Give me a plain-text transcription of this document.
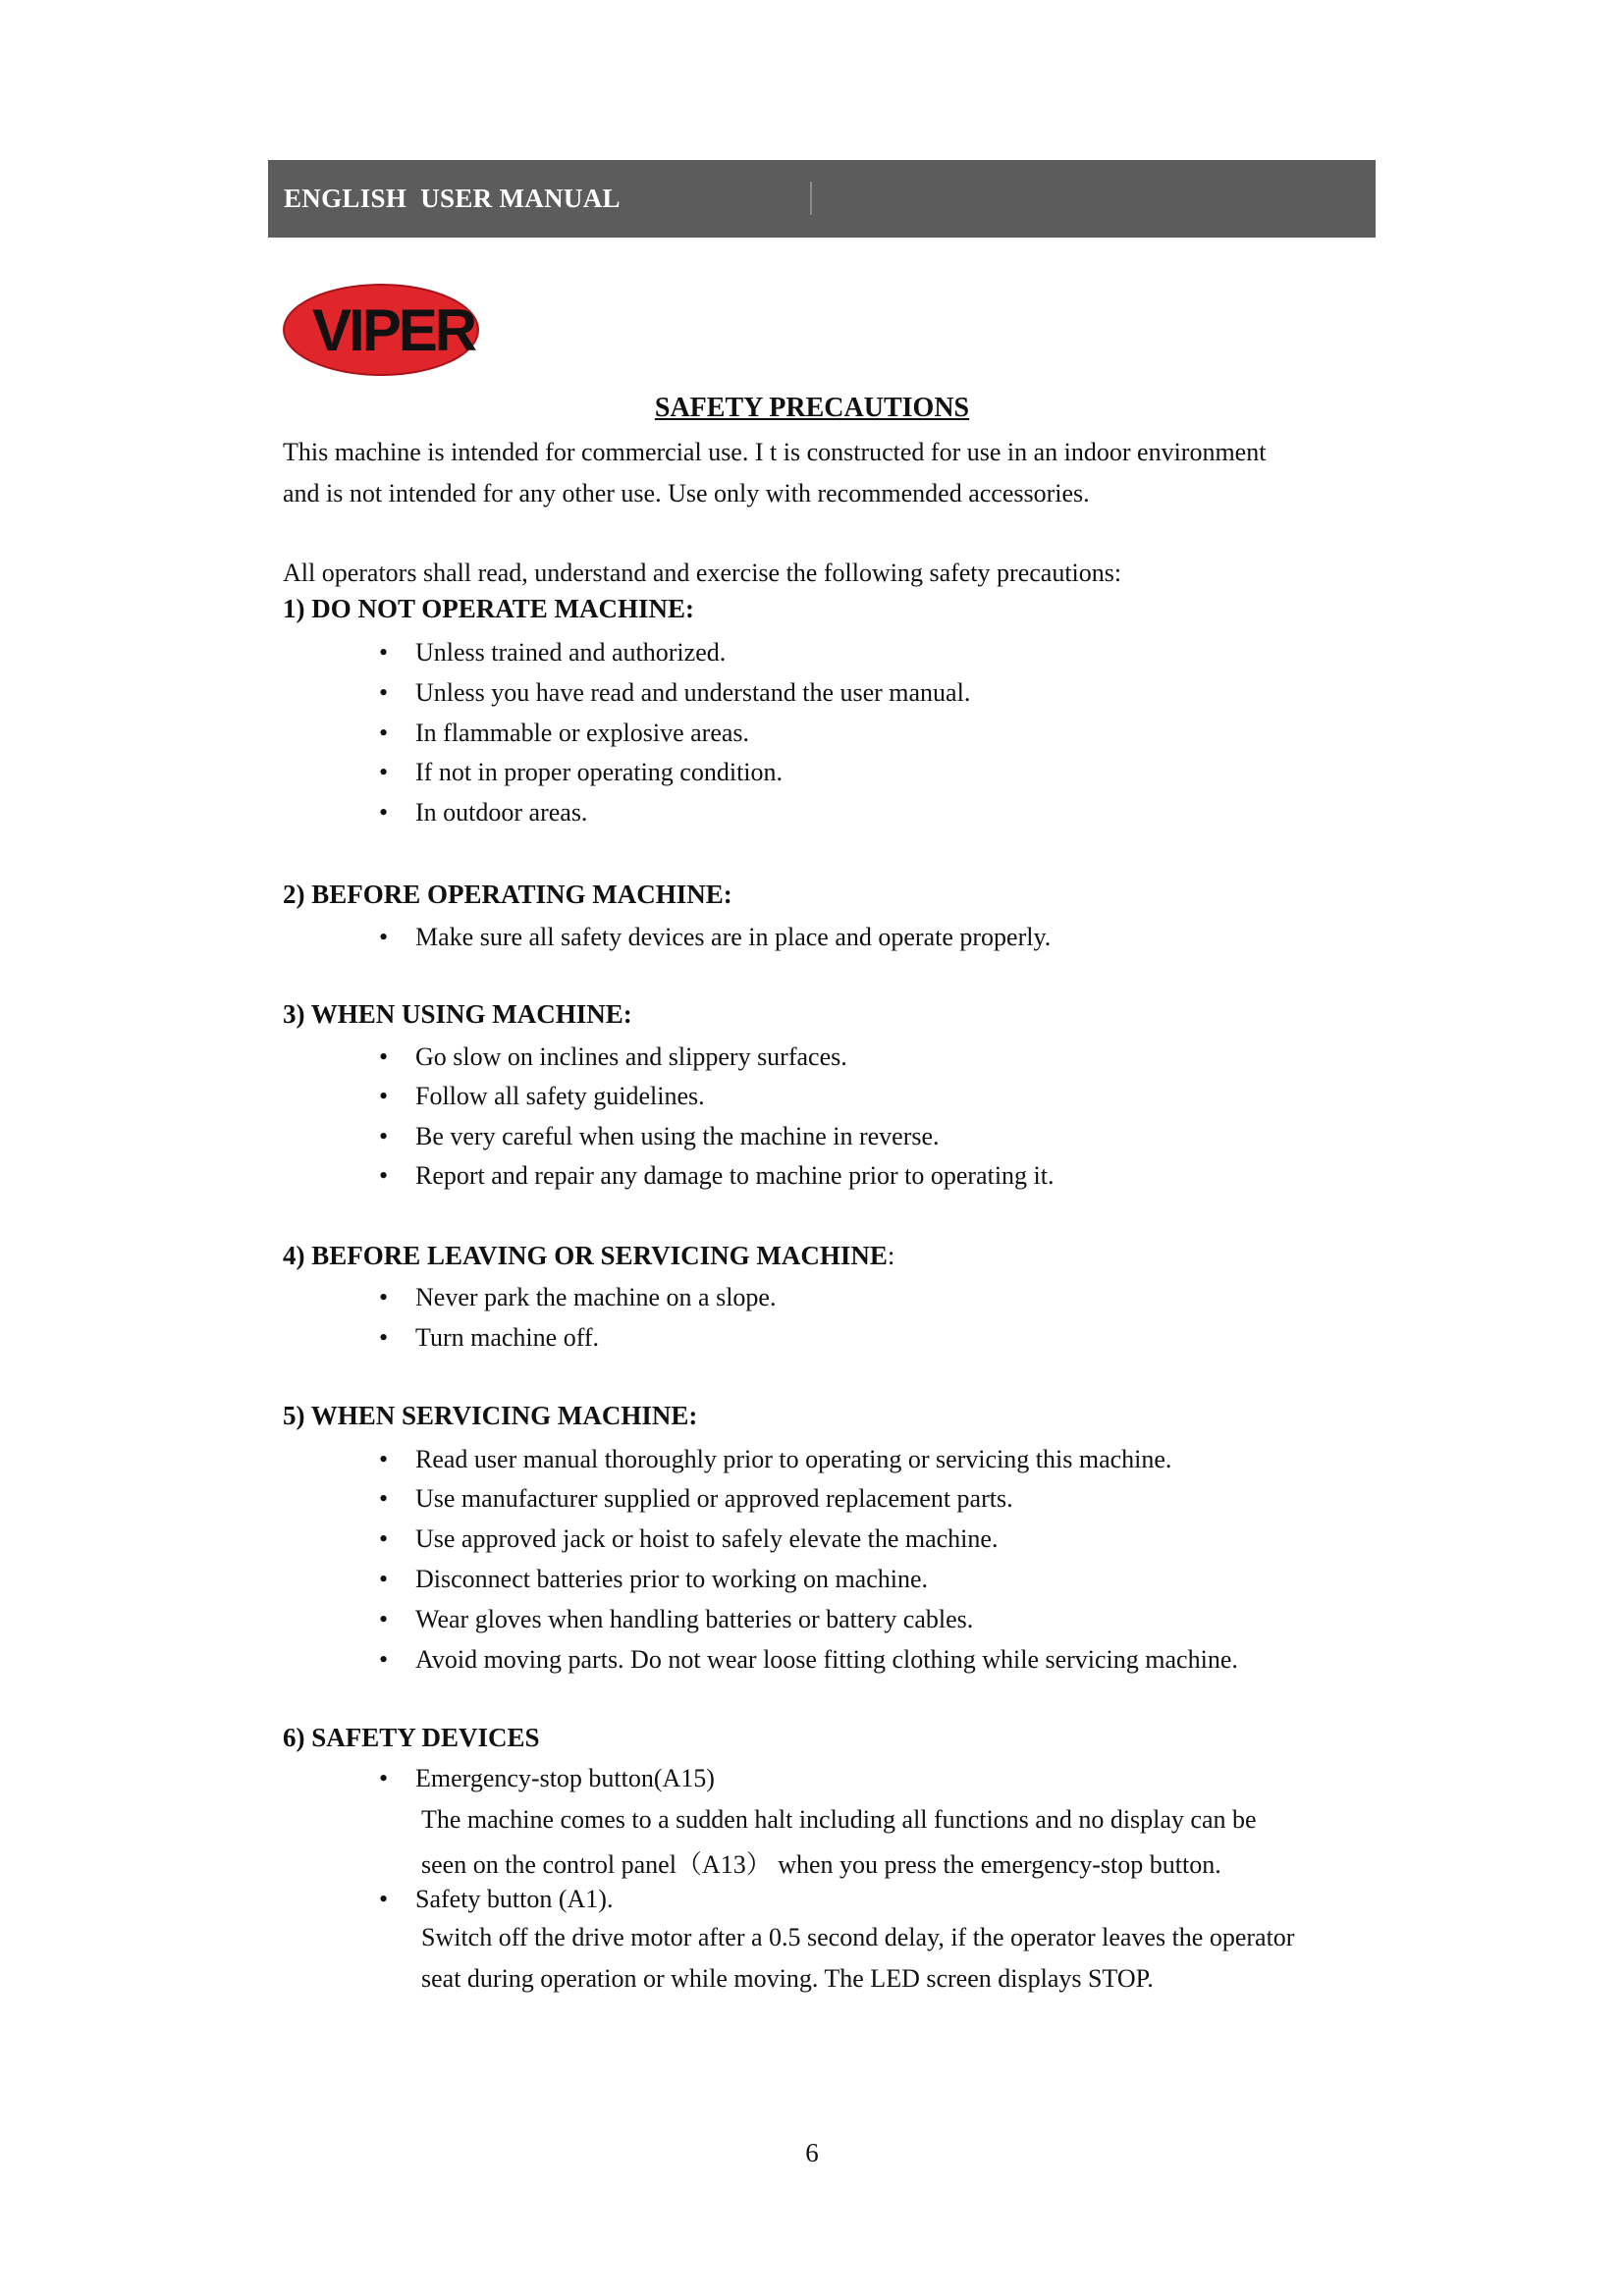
ENGLISH  USER MANUAL
VIPER
SAFETY PRECAUTIONS
This machine is intended for commercial use. I t is constructed for use in an indoor environment
and is not intended for any other use. Use only with recommended accessories.
All operators shall read, understand and exercise the following safety precautions:
1) DO NOT OPERATE MACHINE:
• Unless trained and authorized.
• Unless you have read and understand the user manual.
• In flammable or explosive areas.
• If not in proper operating condition.
• In outdoor areas.
2) BEFORE OPERATING MACHINE:
• Make sure all safety devices are in place and operate properly.
3) WHEN USING MACHINE:
• Go slow on inclines and slippery surfaces.
• Follow all safety guidelines.
• Be very careful when using the machine in reverse.
• Report and repair any damage to machine prior to operating it.
4) BEFORE LEAVING OR SERVICING MACHINE:
• Never park the machine on a slope.
• Turn machine off.
5) WHEN SERVICING MACHINE:
• Read user manual thoroughly prior to operating or servicing this machine.
• Use manufacturer supplied or approved replacement parts.
• Use approved jack or hoist to safely elevate the machine.
• Disconnect batteries prior to working on machine.
• Wear gloves when handling batteries or battery cables.
• Avoid moving parts. Do not wear loose fitting clothing while servicing machine.
6) SAFETY DEVICES
• Emergency-stop button(A15)
The machine comes to a sudden halt including all functions and no display can be
seen on the control panel（A13） when you press the emergency-stop button.
• Safety button (A1).
Switch off the drive motor after a 0.5 second delay, if the operator leaves the operator
seat during operation or while moving. The LED screen displays STOP.
6
